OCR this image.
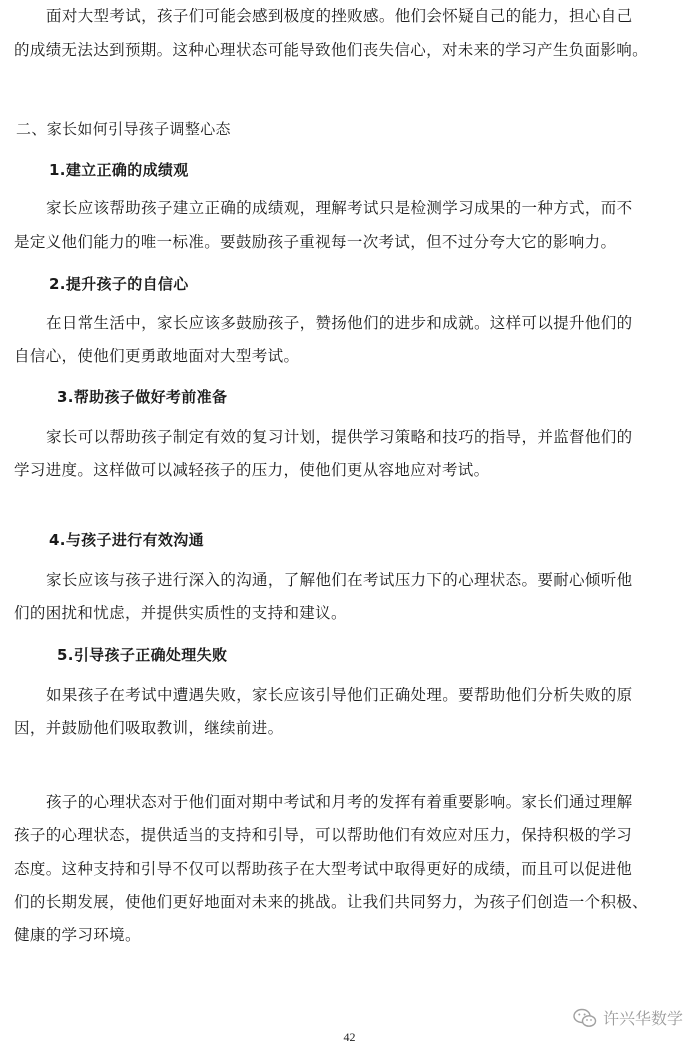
面对大型考试，孩子们可能会感到极度的挫败感。他们会怀疑自己的能力，担心自己
的成绩无法达到预期。这种心理状态可能导致他们丧失信心，对未来的学习产生负面影响。
二、家长如何引导孩子调整心态
1.建立正确的成绩观
家长应该帮助孩子建立正确的成绩观，理解考试只是检测学习成果的一种方式，而不
是定义他们能力的唯一标准。要鼓励孩子重视每一次考试，但不过分夸大它的影响力。
2.提升孩子的自信心
在日常生活中，家长应该多鼓励孩子，赞扬他们的进步和成就。这样可以提升他们的
自信心，使他们更勇敢地面对大型考试。
3.帮助孩子做好考前准备
家长可以帮助孩子制定有效的复习计划，提供学习策略和技巧的指导，并监督他们的
学习进度。这样做可以减轻孩子的压力，使他们更从容地应对考试。
4.与孩子进行有效沟通
家长应该与孩子进行深入的沟通，了解他们在考试压力下的心理状态。要耐心倾听他
们的困扰和忧虑，并提供实质性的支持和建议。
5.引导孩子正确处理失败
如果孩子在考试中遭遇失败，家长应该引导他们正确处理。要帮助他们分析失败的原
因，并鼓励他们吸取教训，继续前进。
孩子的心理状态对于他们面对期中考试和月考的发挥有着重要影响。家长们通过理解
孩子的心理状态，提供适当的支持和引导，可以帮助他们有效应对压力，保持积极的学习
态度。这种支持和引导不仅可以帮助孩子在大型考试中取得更好的成绩，而且可以促进他
们的长期发展，使他们更好地面对未来的挑战。让我们共同努力，为孩子们创造一个积极、
健康的学习环境。
许兴华数学
42
